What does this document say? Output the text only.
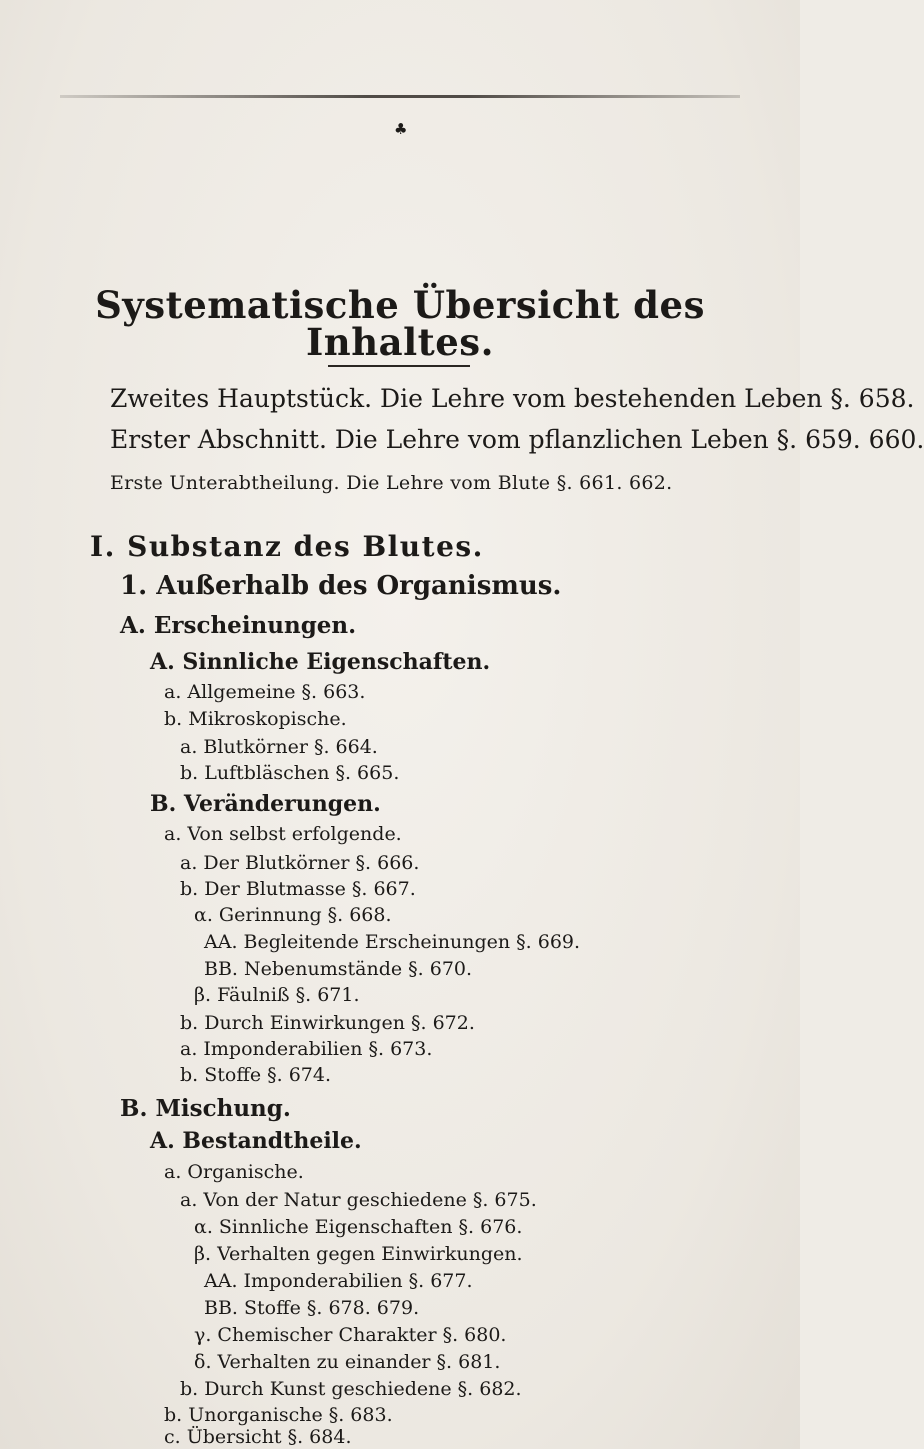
♣
Systematische Übersicht des Inhaltes.
Zweites Hauptstück. Die Lehre vom bestehenden Leben §. 658.
Erster Abschnitt. Die Lehre vom pflanzlichen Leben §. 659. 660.
Erste Unterabtheilung. Die Lehre vom Blute §. 661. 662.
I. Substanz des Blutes.
1. Außerhalb des Organismus.
A. Erscheinungen.
A. Sinnliche Eigenschaften.
a. Allgemeine §. 663.
b. Mikroskopische.
a. Blutkörner §. 664.
b. Luftbläschen §. 665.
B. Veränderungen.
a. Von selbst erfolgende.
a. Der Blutkörner §. 666.
b. Der Blutmasse §. 667.
α. Gerinnung §. 668.
AA. Begleitende Erscheinungen §. 669.
BB. Nebenumstände §. 670.
β. Fäulniß §. 671.
b. Durch Einwirkungen §. 672.
a. Imponderabilien §. 673.
b. Stoffe §. 674.
B. Mischung.
A. Bestandtheile.
a. Organische.
a. Von der Natur geschiedene §. 675.
α. Sinnliche Eigenschaften §. 676.
β. Verhalten gegen Einwirkungen.
AA. Imponderabilien §. 677.
BB. Stoffe §. 678. 679.
γ. Chemischer Charakter §. 680.
δ. Verhalten zu einander §. 681.
b. Durch Kunst geschiedene §. 682.
b. Unorganische §. 683.
c. Übersicht §. 684.
